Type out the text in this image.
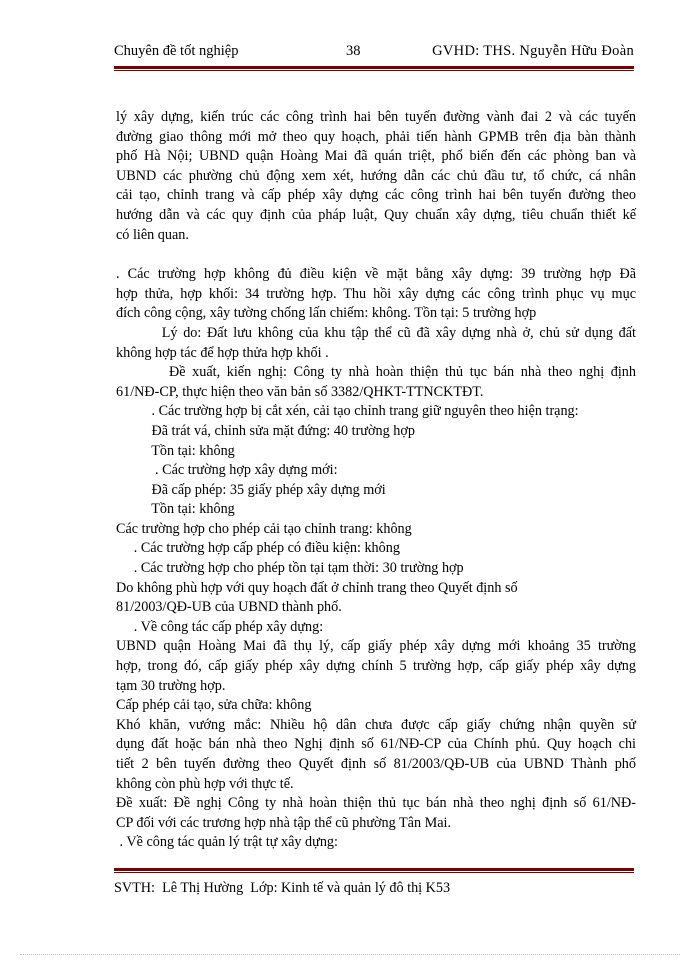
Chuyên đề tốt nghiệp	38	GVHD: THS. Nguyễn Hữu Đoàn

lý xây dựng, kiến trúc các công trình hai bên tuyến đường vành đai 2 và các tuyến

đường giao thông mới mở theo quy hoạch, phải tiến hành GPMB trên địa bàn thành

phố Hà Nội; UBND quận Hoàng Mai đã quán triệt, phổ biến đến các phòng ban và

UBND các phường chủ động xem xét, hướng dẫn các chủ đầu tư, tổ chức, cá nhân

cải tạo, chỉnh trang và cấp phép xây dựng các công trình hai bên tuyến đường theo

hướng dẫn và các quy định của pháp luật, Quy chuẩn xây dựng, tiêu chuẩn thiết kế

có liên quan.

. Các trường hợp không đủ điều kiện về mặt bằng xây dựng: 39 trường hợp Đã

hợp thửa, hợp khối: 34 trường hợp. Thu hồi xây dựng các công trình phục vụ mục

đích công cộng, xây tường chống lấn chiếm: không. Tồn tại: 5 trường hợp

Lý do: Đất lưu không của khu tập thể cũ đã xây dựng nhà ở, chủ sử dụng đất

không hợp tác để hợp thửa hợp khối .

Đề xuất, kiến nghị: Công ty nhà hoàn thiện thủ tục bán nhà theo nghị định

61/NĐ-CP, thực hiện theo văn bản số 3382/QHKT-TTNCKTĐT.

. Các trường hợp bị cắt xén, cải tạo chỉnh trang giữ nguyên theo hiện trạng:

Đã trát vá, chỉnh sửa mặt đứng: 40 trường hợp

Tồn tại: không

. Các trường hợp xây dựng mới:

Đã cấp phép: 35 giấy phép xây dựng mới

Tồn tại: không

Các trường hợp cho phép cải tạo chỉnh trang: không

. Các trường hợp cấp phép có điều kiện: không

. Các trường hợp cho phép tồn tại tạm thời: 30 trường hợp

Do không phù hợp với quy hoạch đất ở chỉnh trang theo Quyết định số

81/2003/QĐ-UB của UBND thành phố.

. Về công tác cấp phép xây dựng:

UBND quận Hoàng Mai đã thụ lý, cấp giấy phép xây dựng mới khoảng 35 trường

hợp, trong đó, cấp giấy phép xây dựng chính 5 trường hợp, cấp giấy phép xây dựng

tạm 30 trường hợp.

Cấp phép cải tạo, sửa chữa: không

Khó khăn, vướng mắc: Nhiều hộ dân chưa được cấp giấy chứng nhận quyền sử

dụng đất hoặc bán nhà theo Nghị định số 61/NĐ-CP của Chính phủ. Quy hoạch chi

tiết 2 bên tuyến đường theo Quyết định số 81/2003/QĐ-UB của UBND Thành phố

không còn phù hợp với thực tế.

Đề xuất: Đề nghị Công ty nhà hoàn thiện thủ tục bán nhà theo nghị định số 61/NĐ-

CP đối với các trương hợp nhà tập thể cũ phường Tân Mai.

. Về công tác quản lý trật tự xây dựng:

SVTH:  Lê Thị Hường  Lớp: Kinh tế và quản lý đô thị K53
